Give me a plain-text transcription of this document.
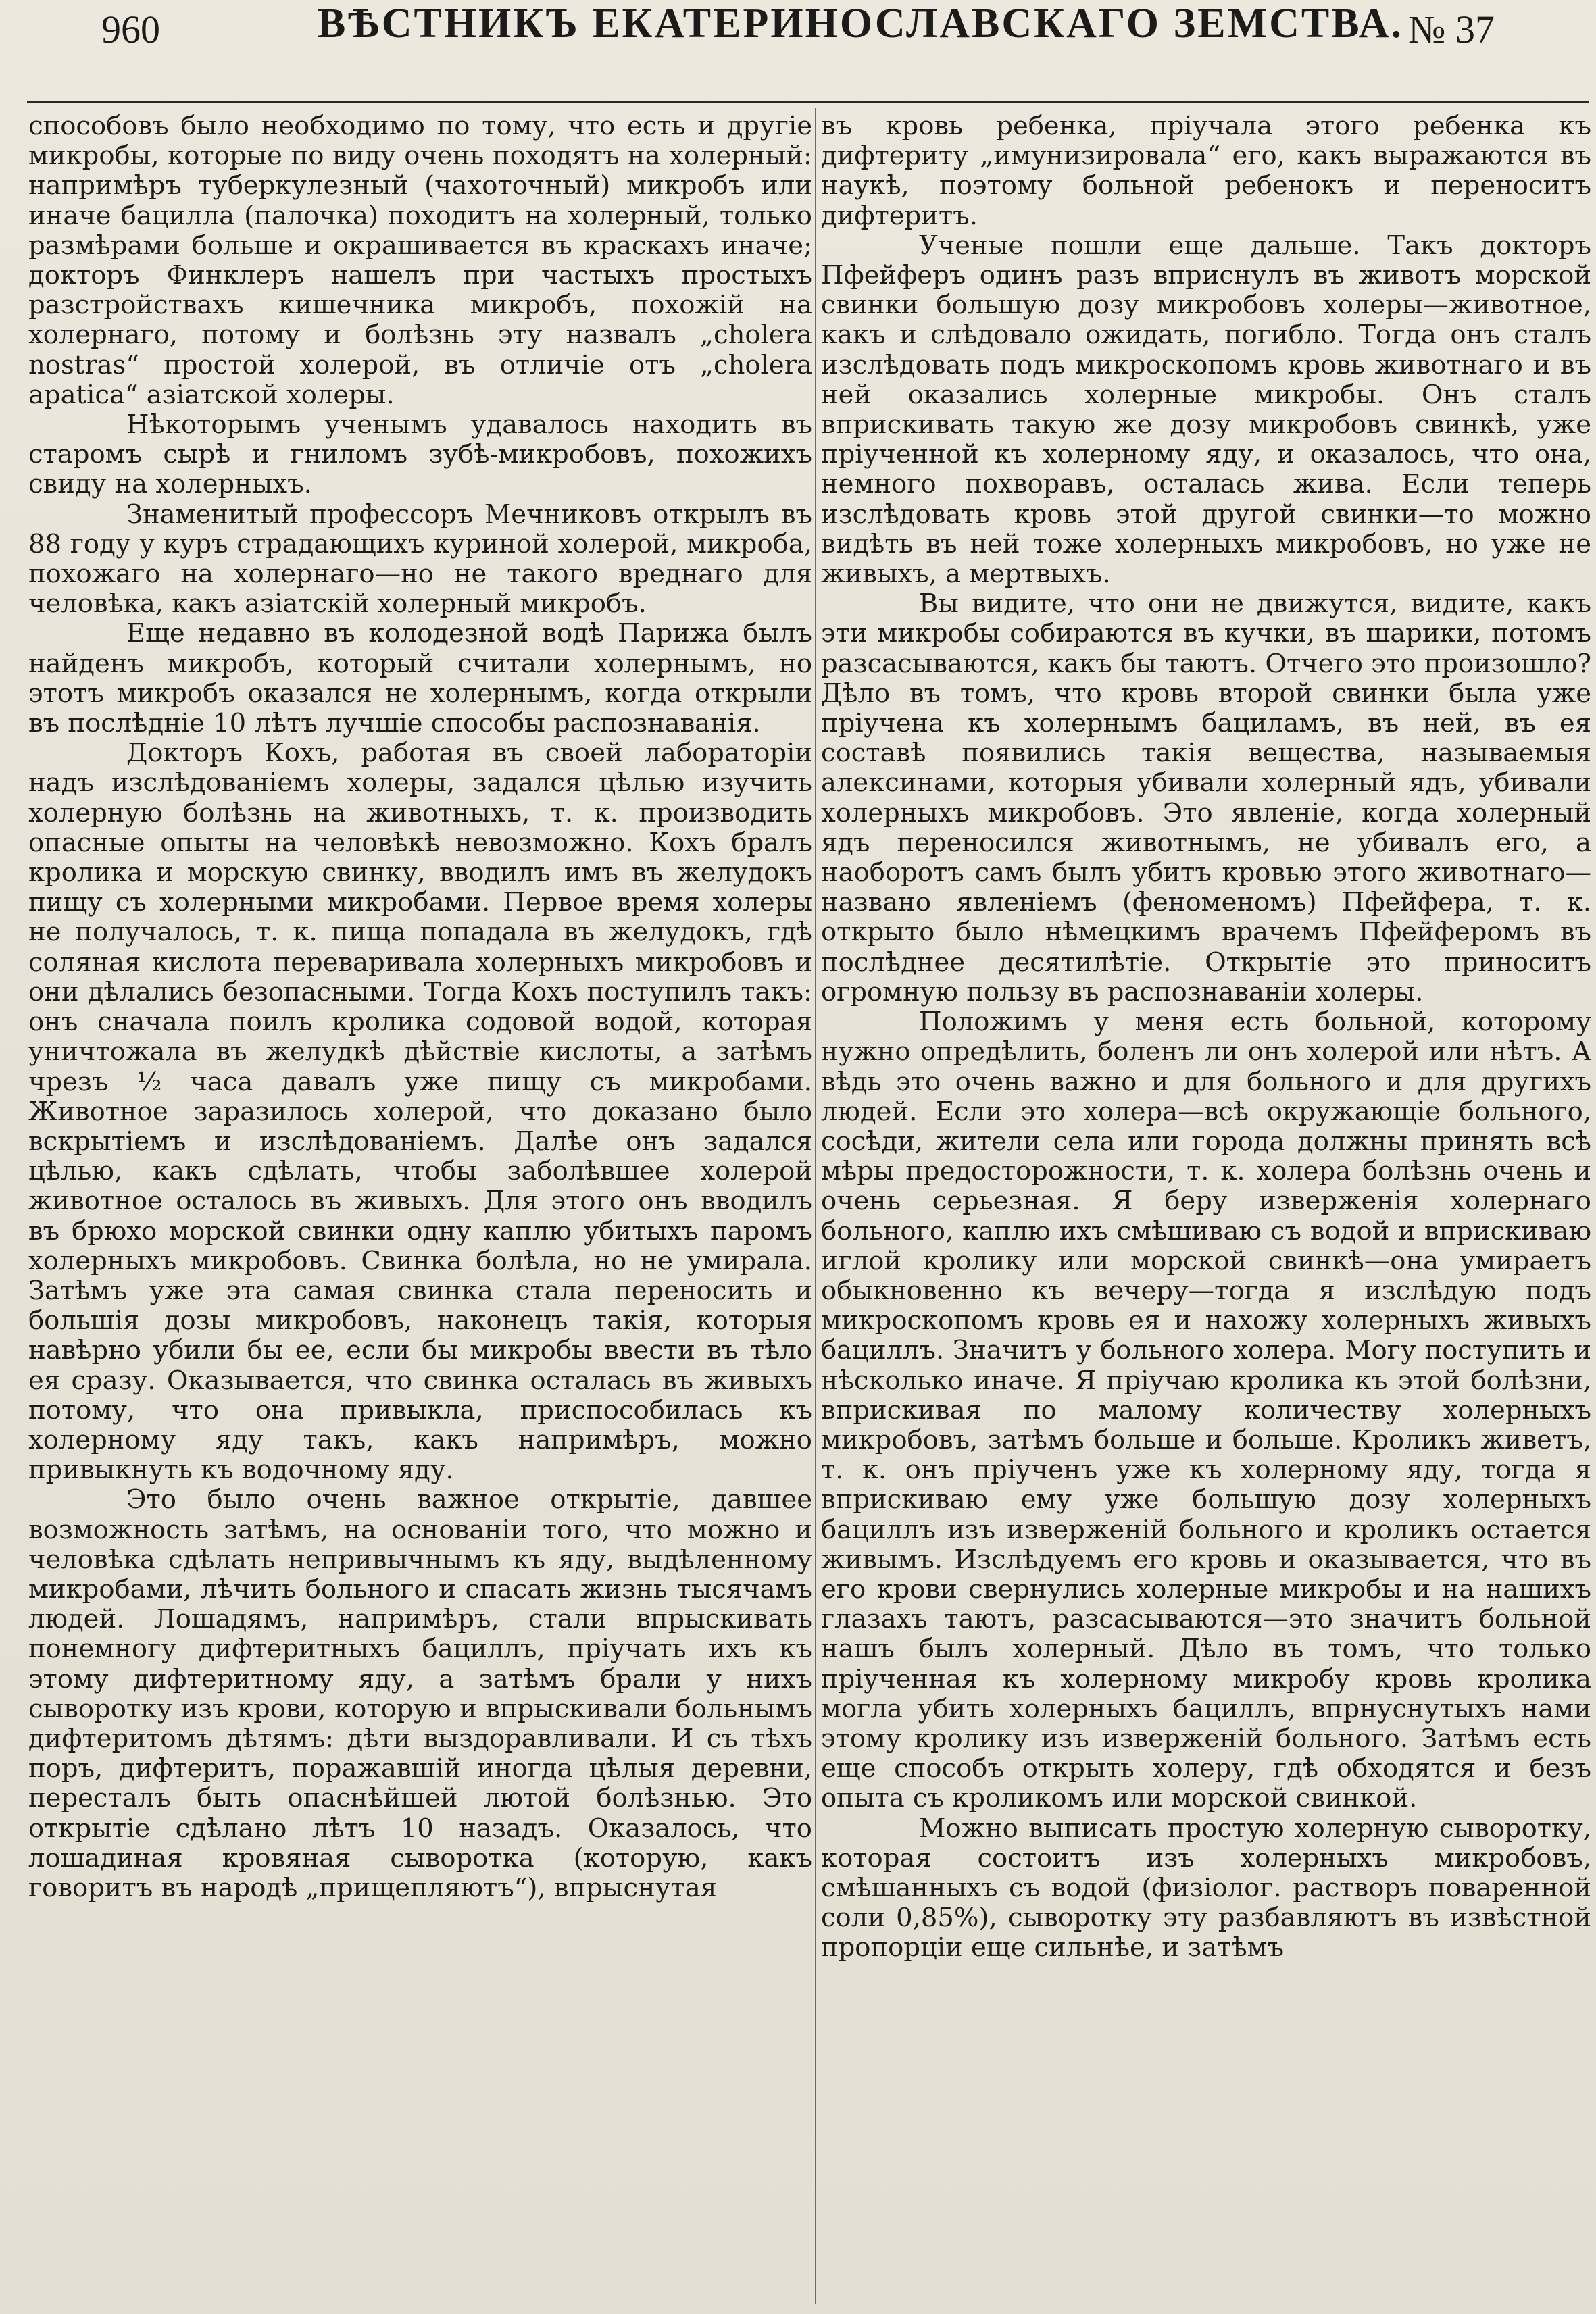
960	ВѢСТНИКЪ ЕКАТЕРИНОСЛАВСКАГО ЗЕМСТВА. № 37

способовъ было необходимо по тому, что есть и другіе микробы, которые по виду очень походятъ на холерный: напримѣръ туберкулезный (чахоточный) микробъ или иначе бацилла (палочка) походитъ на холерный, только размѣрами больше и окрашивается въ краскахъ иначе; докторъ Финклеръ нашелъ при частыхъ простыхъ разстройствахъ кишечника микробъ, похожій на холернаго, потому и болѣзнь эту назвалъ „cholera nostras“ простой холерой, въ отличіе отъ „cholera apatica“ азіатской холеры.

Нѣкоторымъ ученымъ удавалось находить въ старомъ сырѣ и гниломъ зубѣ-микробовъ, похожихъ свиду на холерныхъ.

Знаменитый профессоръ Мечниковъ открылъ въ 88 году у куръ страдающихъ куриной холерой, микроба, похожаго на холернаго—но не такого вреднаго для человѣка, какъ азіатскій холерный микробъ.

Еще недавно въ колодезной водѣ Парижа былъ найденъ микробъ, который считали холернымъ, но этотъ микробъ оказался не холернымъ, когда открыли въ послѣдніе 10 лѣтъ лучшіе способы распознаванія.

Докторъ Кохъ, работая въ своей лабораторіи надъ изслѣдованіемъ холеры, задался цѣлью изучить холерную болѣзнь на животныхъ, т. к. производить опасные опыты на человѣкѣ невозможно. Кохъ бралъ кролика и морскую свинку, вводилъ имъ въ желудокъ пищу съ холерными микробами. Первое время холеры не получалось, т. к. пища попадала въ желудокъ, гдѣ соляная кислота переваривала холерныхъ микробовъ и они дѣлались безопасными. Тогда Кохъ поступилъ такъ: онъ сначала поилъ кролика содовой водой, которая уничтожала въ желудкѣ дѣйствіе кислоты, а затѣмъ чрезъ ½ часа давалъ уже пищу съ микробами. Животное заразилось холерой, что доказано было вскрытіемъ и изслѣдованіемъ. Далѣе онъ задался цѣлью, какъ сдѣлать, чтобы заболѣвшее холерой животное осталось въ живыхъ. Для этого онъ вводилъ въ брюхо морской свинки одну каплю убитыхъ паромъ холерныхъ микробовъ. Свинка болѣла, но не умирала. Затѣмъ уже эта самая свинка стала переносить и большія дозы микробовъ, наконецъ такія, которыя навѣрно убили бы ее, если бы микробы ввести въ тѣло ея сразу. Оказывается, что свинка осталась въ живыхъ потому, что она привыкла, приспособилась къ холерному яду такъ, какъ напримѣръ, можно привыкнуть къ водочному яду.

Это было очень важное открытіе, давшее возможность затѣмъ, на основаніи того, что можно и человѣка сдѣлать непривычнымъ къ яду, выдѣленному микробами, лѣчить больного и спасать жизнь тысячамъ людей. Лошадямъ, напримѣръ, стали впрыскивать понемногу дифтеритныхъ бациллъ, пріучать ихъ къ этому дифтеритному яду, а затѣмъ брали у нихъ сыворотку изъ крови, которую и впрыскивали больнымъ дифтеритомъ дѣтямъ: дѣти выздоравливали. И съ тѣхъ поръ, дифтеритъ, поражавшій иногда цѣлыя деревни, пересталъ быть опаснѣйшей лютой болѣзнью. Это открытіе сдѣлано лѣтъ 10 назадъ. Оказалось, что лошадиная кровяная сыворотка (которую, какъ говоритъ въ народѣ „прищепляютъ“), впрыснутая

въ кровь ребенка, пріучала этого ребенка къ дифтериту „имунизировала“ его, какъ выражаются въ наукѣ, поэтому больной ребенокъ и переноситъ дифтеритъ.

Ученые пошли еще дальше. Такъ докторъ Пфейферъ одинъ разъ вприснулъ въ животъ морской свинки большую дозу микробовъ холеры—животное, какъ и слѣдовало ожидать, погибло. Тогда онъ сталъ изслѣдовать подъ микроскопомъ кровь животнаго и въ ней оказались холерные микробы. Онъ сталъ вприскивать такую же дозу микробовъ свинкѣ, уже пріученной къ холерному яду, и оказалось, что она, немного похворавъ, осталась жива. Если теперь изслѣдовать кровь этой другой свинки—то можно видѣть въ ней тоже холерныхъ микробовъ, но уже не живыхъ, а мертвыхъ.

Вы видите, что они не движутся, видите, какъ эти микробы собираются въ кучки, въ шарики, потомъ разсасываются, какъ бы таютъ. Отчего это произошло? Дѣло въ томъ, что кровь второй свинки была уже пріучена къ холернымъ бациламъ, въ ней, въ ея составѣ появились такія вещества, называемыя алексинами, которыя убивали холерный ядъ, убивали холерныхъ микробовъ. Это явленіе, когда холерный ядъ переносился животнымъ, не убивалъ его, а наоборотъ самъ былъ убитъ кровью этого животнаго—названо явленіемъ (феноменомъ) Пфейфера, т. к. открыто было нѣмецкимъ врачемъ Пфейферомъ въ послѣднее десятилѣтіе. Открытіе это приноситъ огромную пользу въ распознаваніи холеры.

Положимъ у меня есть больной, которому нужно опредѣлить, боленъ ли онъ холерой или нѣтъ. А вѣдь это очень важно и для больного и для другихъ людей. Если это холера—всѣ окружающіе больного, сосѣди, жители села или города должны принять всѣ мѣры предосторожности, т. к. холера болѣзнь очень и очень серьезная. Я беру изверженія холернаго больного, каплю ихъ смѣшиваю съ водой и вприскиваю иглой кролику или морской свинкѣ—она умираетъ обыкновенно къ вечеру—тогда я изслѣдую подъ микроскопомъ кровь ея и нахожу холерныхъ живыхъ бациллъ. Значитъ у больного холера. Могу поступить и нѣсколько иначе. Я пріучаю кролика къ этой болѣзни, вприскивая по малому количеству холерныхъ микробовъ, затѣмъ больше и больше. Кроликъ живетъ, т. к. онъ пріученъ уже къ холерному яду, тогда я вприскиваю ему уже большую дозу холерныхъ бациллъ изъ изверженій больного и кроликъ остается живымъ. Изслѣдуемъ его кровь и оказывается, что въ его крови свернулись холерные микробы и на нашихъ глазахъ таютъ, разсасываются—это значитъ больной нашъ былъ холерный. Дѣло въ томъ, что только пріученная къ холерному микробу кровь кролика могла убить холерныхъ бациллъ, впрнуснутыхъ нами этому кролику изъ изверженій больного. Затѣмъ есть еще способъ открыть холеру, гдѣ обходятся и безъ опыта съ кроликомъ или морской свинкой.

Можно выписать простую холерную сыворотку, которая состоитъ изъ холерныхъ микробовъ, смѣшанныхъ съ водой (физіолог. растворъ поваренной соли 0,85%), сыворотку эту разбавляютъ въ извѣстной пропорціи еще сильнѣе, и затѣмъ
